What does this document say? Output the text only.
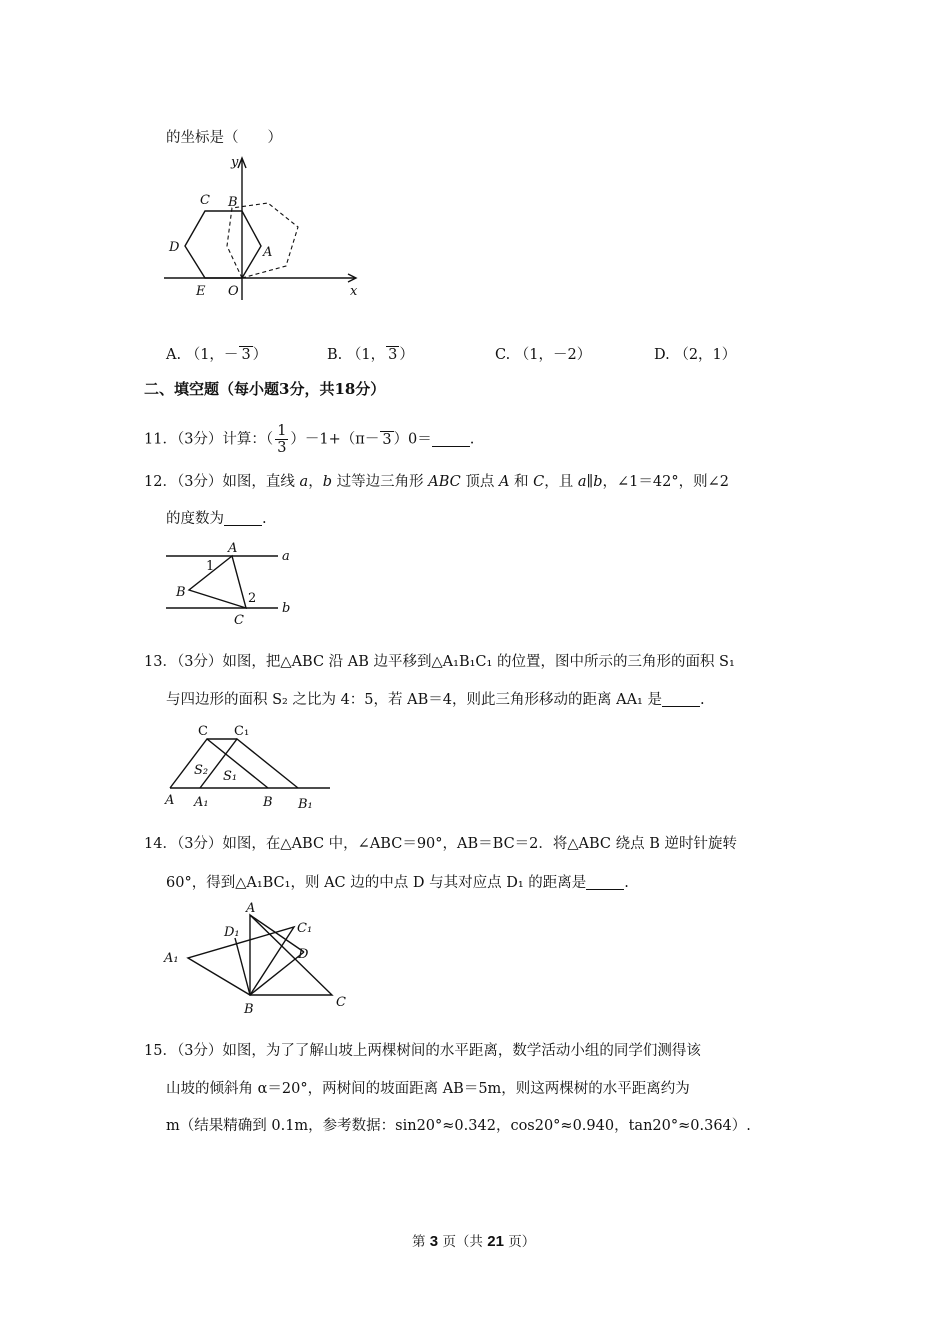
的坐标是（　　）
y
x
C B
D	A
E O
A. （1，－ 3 ）	B. （1， 3 ）	C. （1，－2）	D. （2，1）
二、填空题（每小题3分，共18分）
11．（3分）计算：（ $\frac{1}{3} )-1+(\pi- 3$ ）0＝	.
12．（3分）如图，直线 a，b 过等边三角形 ABC 顶点 A 和 C，且 a∥b，∠1＝42°，则∠2
的度数为	.
A
a
1
B	2
b
C
13．（3分）如图，把△ABC 沿 AB 边平移到△A₁B₁C₁ 的位置，图中所示的三角形的面积 S₁
与四边形的面积 S₂ 之比为 4：5，若 AB＝4，则此三角形移动的距离 AA₁ 是	.
C C₁
S₂ S₁
A A₁	B B₁
14．（3分）如图，在△ABC 中，∠ABC＝90°，AB＝BC＝2．将△ABC 绕点 B 逆时针旋转
60°，得到△A₁BC₁，则 AC 边的中点 D 与其对应点 D₁ 的距离是	.
A
D₁	C₁
A₁	D
B	C
15．（3分）如图，为了了解山坡上两棵树间的水平距离，数学活动小组的同学们测得该
山坡的倾斜角 α＝20°，两树间的坡面距离 AB＝5m，则这两棵树的水平距离约为
m（结果精确到 0.1m，参考数据：sin20°≈0.342，cos20°≈0.940，tan20°≈0.364）.
第 3 页（共 21 页）
